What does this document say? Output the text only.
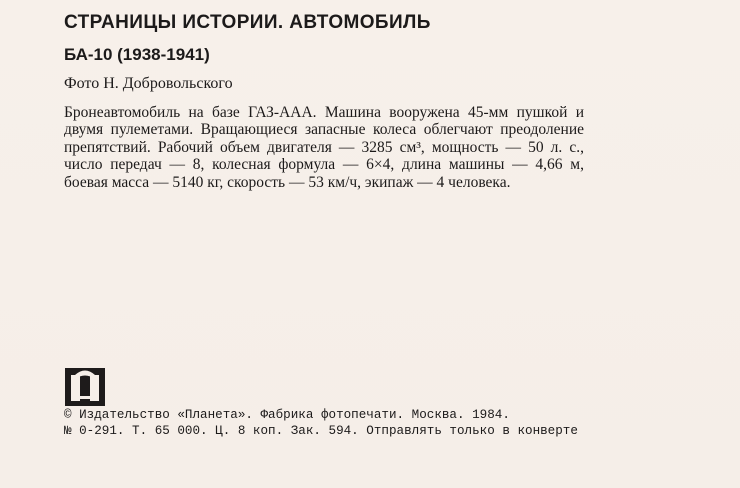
СТРАНИЦЫ ИСТОРИИ. АВТОМОБИЛЬ
БА-10 (1938-1941)
Фото Н. Добровольского

Бронеавтомобиль на базе ГАЗ-ААА. Машина вооружена 45-мм пушкой и двумя пулеметами. Вращающиеся запасные колеса облегчают преодоление препятствий. Рабочий объем двигателя — 3285 см³, мощность — 50 л. с., число передач — 8, колесная формула — 6×4, длина машины — 4,66 м, боевая масса — 5140 кг, скорость — 53 км/ч, экипаж — 4 человека.

© Издательство «Планета». Фабрика фотопечати. Москва. 1984.
№ 0-291. Т. 65 000. Ц. 8 коп. Зак. 594. Отправлять только в конверте
